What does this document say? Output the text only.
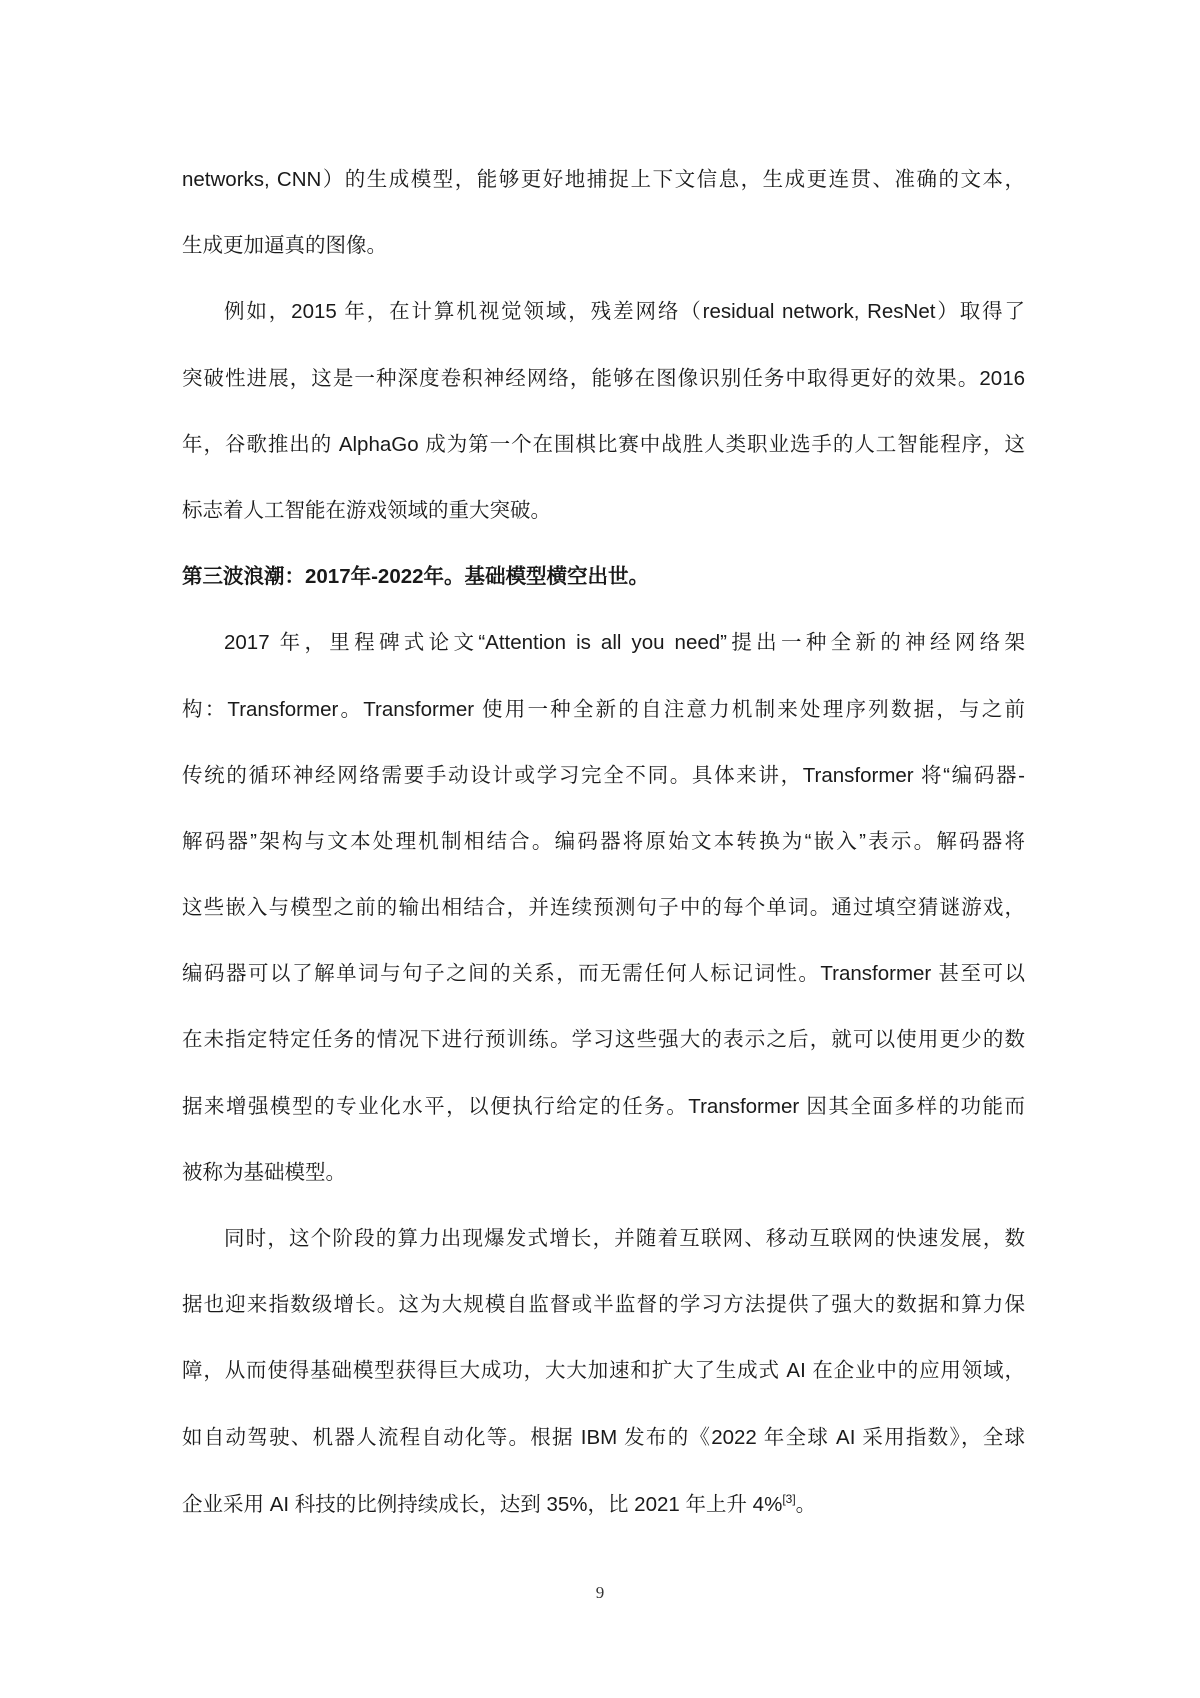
networks, CNN）的生成模型，能够更好地捕捉上下文信息，生成更连贯、准确的文本，
生成更加逼真的图像。
例如，2015 年，在计算机视觉领域，残差网络（residual network, ResNet）取得了
突破性进展，这是一种深度卷积神经网络，能够在图像识别任务中取得更好的效果。2016
年，谷歌推出的 AlphaGo 成为第一个在围棋比赛中战胜人类职业选手的人工智能程序，这
标志着人工智能在游戏领域的重大突破。
第三波浪潮：2017年-2022年。基础模型横空出世。
2017 年，里程碑式论文“Attention is all you need”提出一种全新的神经网络架
构：Transformer。Transformer 使用一种全新的自注意力机制来处理序列数据，与之前
传统的循环神经网络需要手动设计或学习完全不同。具体来讲，Transformer 将“编码器-
解码器”架构与文本处理机制相结合。编码器将原始文本转换为“嵌入”表示。解码器将
这些嵌入与模型之前的输出相结合，并连续预测句子中的每个单词。通过填空猜谜游戏，
编码器可以了解单词与句子之间的关系，而无需任何人标记词性。Transformer 甚至可以
在未指定特定任务的情况下进行预训练。学习这些强大的表示之后，就可以使用更少的数
据来增强模型的专业化水平，以便执行给定的任务。Transformer 因其全面多样的功能而
被称为基础模型。
同时，这个阶段的算力出现爆发式增长，并随着互联网、移动互联网的快速发展，数
据也迎来指数级增长。这为大规模自监督或半监督的学习方法提供了强大的数据和算力保
障，从而使得基础模型获得巨大成功，大大加速和扩大了生成式 AI 在企业中的应用领域，
如自动驾驶、机器人流程自动化等。根据 IBM 发布的《2022 年全球 AI 采用指数》，全球
企业采用 AI 科技的比例持续成长，达到 35%，比 2021 年上升 4%[3]。
9
